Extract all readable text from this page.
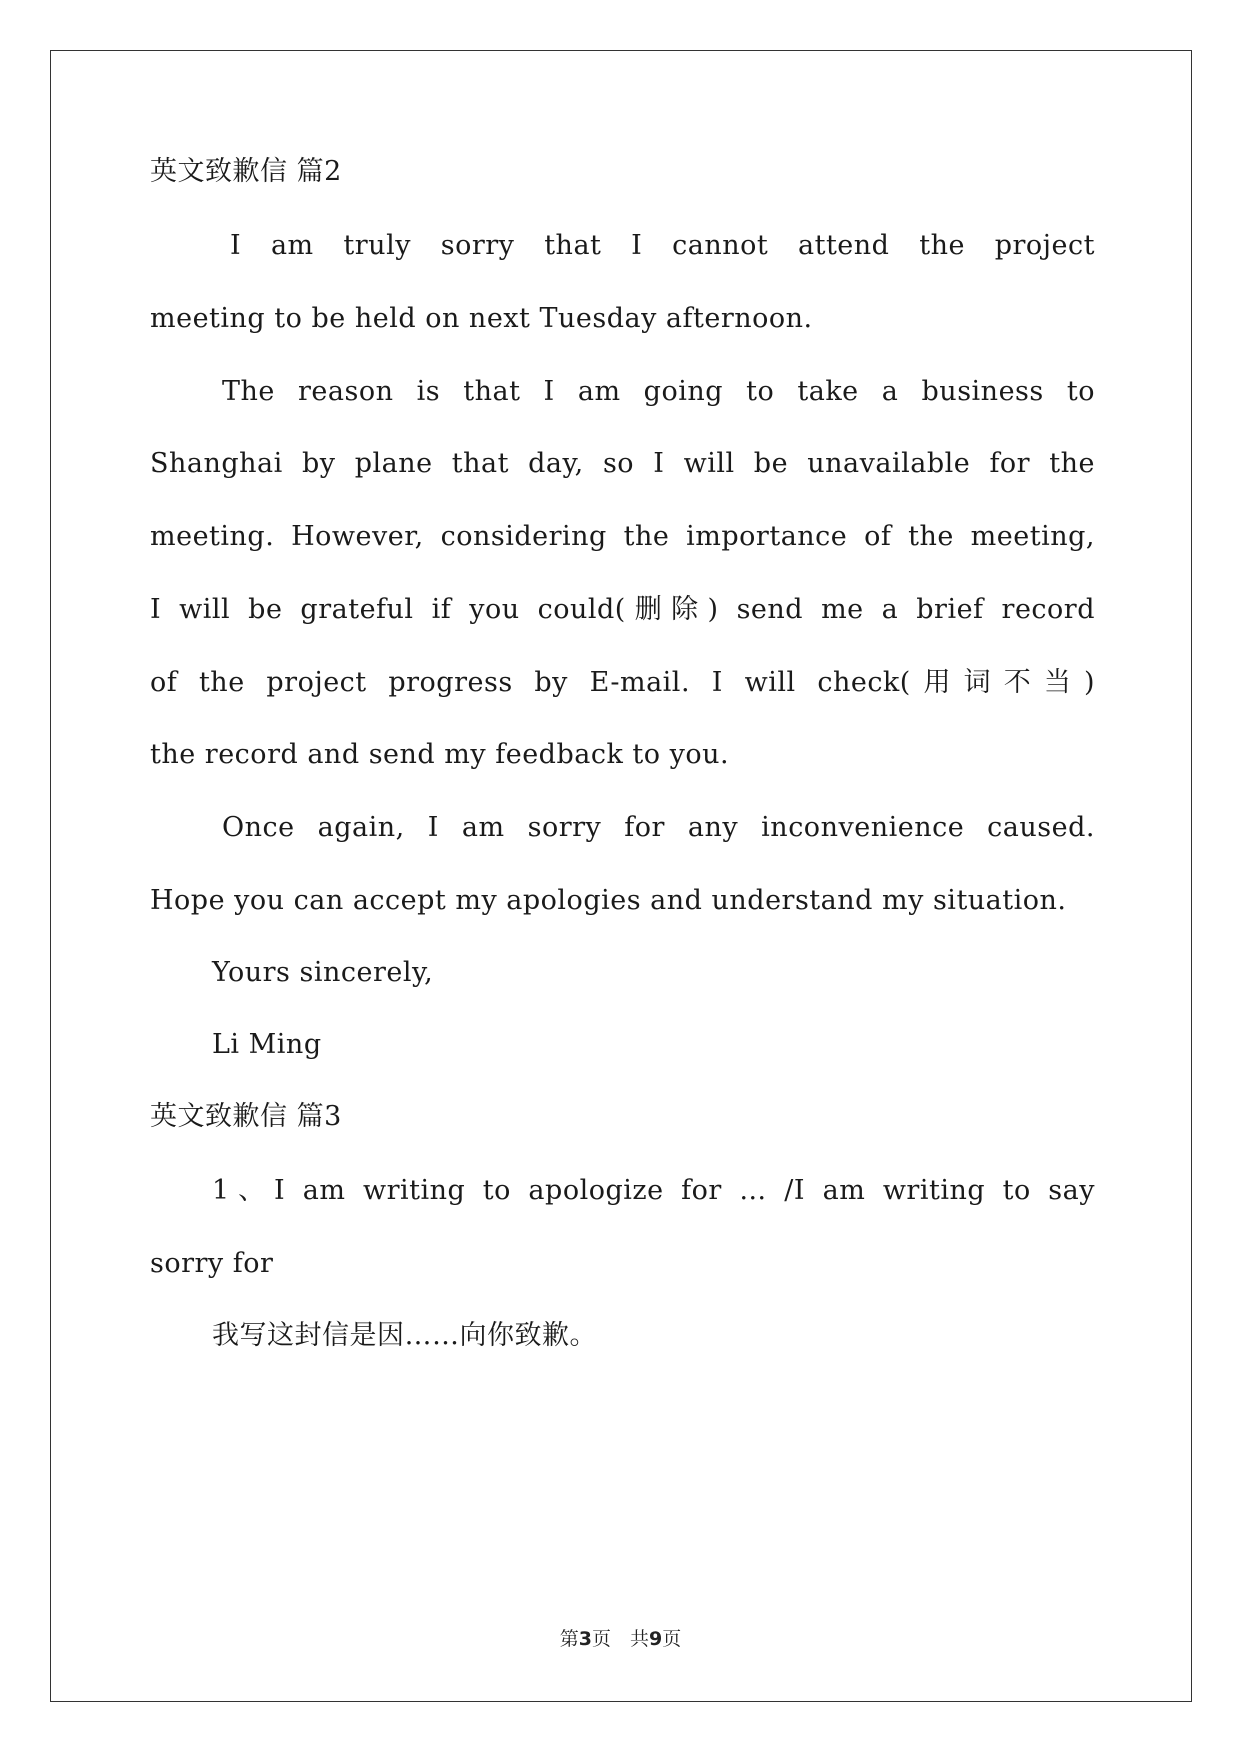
英文致歉信 篇2
I am truly sorry that I cannot attend the project
meeting to be held on next Tuesday afternoon.
The reason is that I am going to take a business to
Shanghai by plane that day, so I will be unavailable for the
meeting. However, considering the importance of the meeting,
I will be grateful if you could(删除) send me a brief record
of the project progress by E-mail. I will check(用词不当)
the record and send my feedback to you.
Once again, I am sorry for any inconvenience caused.
Hope you can accept my apologies and understand my situation.
Yours sincerely,
Li Ming
英文致歉信 篇3
1、I am writing to apologize for … /I am writing to say
sorry for
我写这封信是因……向你致歉。
第3页　共9页
